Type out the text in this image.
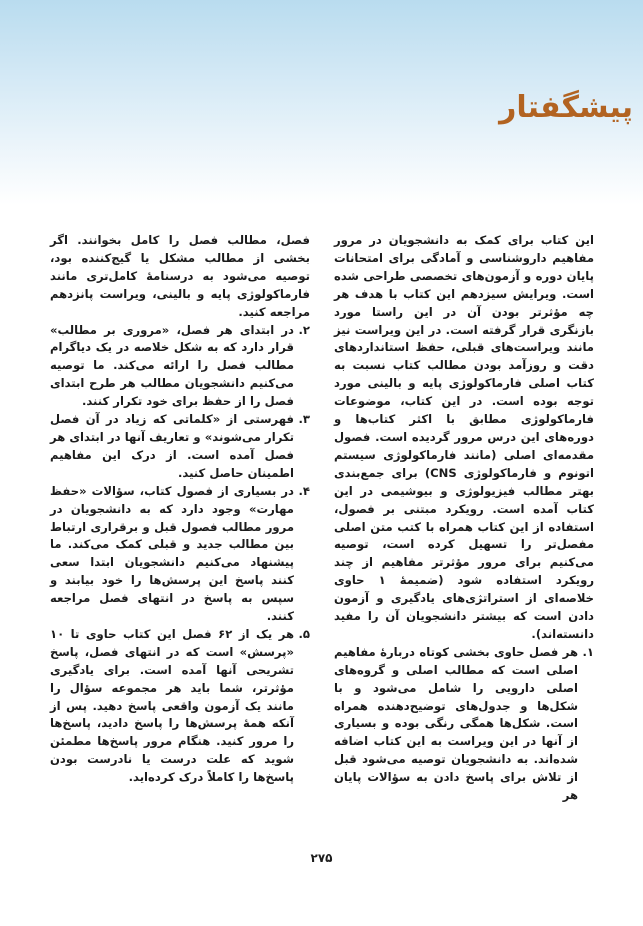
پیشگفتار

این کتاب برای کمک به دانشجویان در مرور مفاهیم داروشناسی و آمادگی برای امتحانات پایان دوره و آزمون‌های تخصصی طراحی شده است. ویرایش سیزدهم این کتاب با هدف هر چه مؤثرتر بودن آن در این راستا مورد بازنگری قرار گرفته است. در این ویراست نیز مانند ویراست‌های قبلی، حفظ استانداردهای دقت و روزآمد بودن مطالب کتاب نسبت به کتاب اصلی فارماکولوژی پایه و بالینی مورد توجه بوده است. در این کتاب، موضوعات فارماکولوژی مطابق با اکثر کتاب‌ها و دوره‌های این درس مرور گردیده است. فصول مقدمه‌ای اصلی (مانند فارماکولوژی سیستم اتونوم و فارماکولوژی CNS) برای جمع‌بندی بهتر مطالب فیزیولوژی و بیوشیمی در این کتاب آمده است. رویکرد مبتنی بر فصول، استفاده از این کتاب همراه با کتب متن اصلی مفصل‌تر را تسهیل کرده است، توصیه می‌کنیم برای مرور مؤثرتر مفاهیم از چند رویکرد استفاده شود (ضمیمهٔ ۱ حاوی خلاصه‌ای از استراتژی‌های یادگیری و آزمون دادن است که بیشتر دانشجویان آن را مفید دانسته‌اند).

۱.
هر فصل حاوی بخشی کوتاه دربارهٔ مفاهیم اصلی است که مطالب اصلی و گروه‌های اصلی دارویی را شامل می‌شود و با شکل‌ها و جدول‌های توضیح‌دهنده همراه است. شکل‌ها همگی رنگی بوده و بسیاری از آنها در این ویراست به این کتاب اضافه شده‌اند. به دانشجویان توصیه می‌شود قبل از تلاش برای پاسخ دادن به سؤالات پایان هر

فصل، مطالب فصل را کامل بخوانند. اگر بخشی از مطالب مشکل یا گیج‌کننده بود، توصیه می‌شود به درسنامهٔ کامل‌تری مانند فارماکولوژی پایه و بالینی، ویراست پانزدهم مراجعه کنید.

۲.
در ابتدای هر فصل، «مروری بر مطالب» قرار دارد که به شکل خلاصه در یک دیاگرام مطالب فصل را ارائه می‌کند. ما توصیه می‌کنیم دانشجویان مطالب هر طرح ابتدای فصل را از حفظ برای خود تکرار کنند.
۳.
فهرستی از «کلماتی که زیاد در آن فصل تکرار می‌شوند» و تعاریف آنها در ابتدای هر فصل آمده است. از درک این مفاهیم اطمینان حاصل کنید.
۴.
در بسیاری از فصول کتاب، سؤالات «حفظ مهارت» وجود دارد که به دانشجویان در مرور مطالب فصول قبل و برقراری ارتباط بین مطالب جدید و قبلی کمک می‌کند. ما پیشنهاد می‌کنیم دانشجویان ابتدا سعی کنند پاسخ این پرسش‌ها را خود بیابند و سپس به پاسخ در انتهای فصل مراجعه کنند.
۵.
هر یک از ۶۲ فصل این کتاب حاوی تا ۱۰ «پرسش» است که در انتهای فصل، پاسخ تشریحی آنها آمده است. برای یادگیری مؤثرتر، شما باید هر مجموعه سؤال را مانند یک آزمون واقعی پاسخ دهید. پس از آنکه همهٔ پرسش‌ها را پاسخ دادید، پاسخ‌ها را مرور کنید. هنگام مرور پاسخ‌ها مطمئن شوید که علت درست یا نادرست بودن پاسخ‌ها را کاملاً درک کرده‌اید.

۲۷۵
